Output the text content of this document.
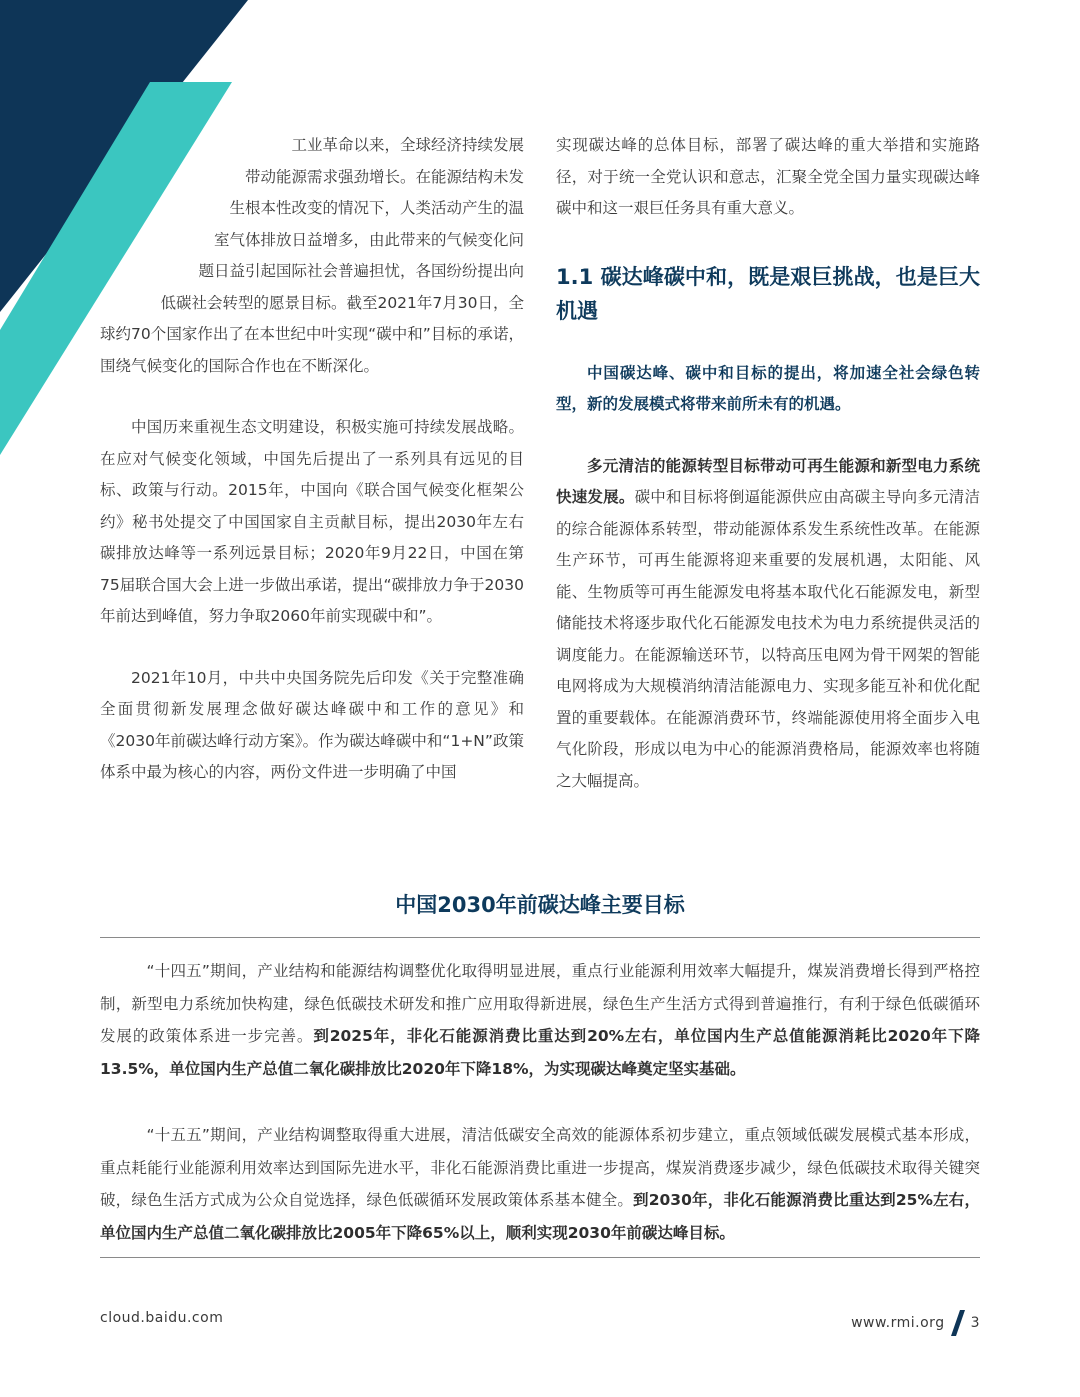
工业革命以来，全球经济持续发展
带动能源需求强劲增长。在能源结构未发
生根本性改变的情况下，人类活动产生的温
室气体排放日益增多，由此带来的气候变化问
题日益引起国际社会普遍担忧，各国纷纷提出向
低碳社会转型的愿景目标。截至2021年7月30日，全

球约70个国家作出了在本世纪中叶实现“碳中和”目标的承诺，围绕气候变化的国际合作也在不断深化。

中国历来重视生态文明建设，积极实施可持续发展战略。在应对气候变化领域，中国先后提出了一系列具有远见的目标、政策与行动。2015年，中国向《联合国气候变化框架公约》秘书处提交了中国国家自主贡献目标，提出2030年左右碳排放达峰等一系列远景目标；2020年9月22日，中国在第75届联合国大会上进一步做出承诺，提出“碳排放力争于2030年前达到峰值，努力争取2060年前实现碳中和”。

2021年10月，中共中央国务院先后印发《关于完整准确全面贯彻新发展理念做好碳达峰碳中和工作的意见》和《2030年前碳达峰行动方案》。作为碳达峰碳中和“1+N”政策体系中最为核心的内容，两份文件进一步明确了中国

实现碳达峰的总体目标，部署了碳达峰的重大举措和实施路径，对于统一全党认识和意志，汇聚全党全国力量实现碳达峰碳中和这一艰巨任务具有重大意义。

1.1 碳达峰碳中和，既是艰巨挑战，也是巨大机遇

中国碳达峰、碳中和目标的提出，将加速全社会绿色转型，新的发展模式将带来前所未有的机遇。

多元清洁的能源转型目标带动可再生能源和新型电力系统快速发展。碳中和目标将倒逼能源供应由高碳主导向多元清洁的综合能源体系转型，带动能源体系发生系统性改革。在能源生产环节，可再生能源将迎来重要的发展机遇，太阳能、风能、生物质等可再生能源发电将基本取代化石能源发电，新型储能技术将逐步取代化石能源发电技术为电力系统提供灵活的调度能力。在能源输送环节，以特高压电网为骨干网架的智能电网将成为大规模消纳清洁能源电力、实现多能互补和优化配置的重要载体。在能源消费环节，终端能源使用将全面步入电气化阶段，形成以电为中心的能源消费格局，能源效率也将随之大幅提高。

中国2030年前碳达峰主要目标

“十四五”期间，产业结构和能源结构调整优化取得明显进展，重点行业能源利用效率大幅提升，煤炭消费增长得到严格控制，新型电力系统加快构建，绿色低碳技术研发和推广应用取得新进展，绿色生产生活方式得到普遍推行，有利于绿色低碳循环发展的政策体系进一步完善。到2025年，非化石能源消费比重达到20%左右，单位国内生产总值能源消耗比2020年下降13.5%，单位国内生产总值二氧化碳排放比2020年下降18%，为实现碳达峰奠定坚实基础。

“十五五”期间，产业结构调整取得重大进展，清洁低碳安全高效的能源体系初步建立，重点领域低碳发展模式基本形成，重点耗能行业能源利用效率达到国际先进水平，非化石能源消费比重进一步提高，煤炭消费逐步减少，绿色低碳技术取得关键突破，绿色生活方式成为公众自觉选择，绿色低碳循环发展政策体系基本健全。到2030年，非化石能源消费比重达到25%左右，单位国内生产总值二氧化碳排放比2005年下降65%以上，顺利实现2030年前碳达峰目标。

cloud.baidu.com	www.rmi.org 3
